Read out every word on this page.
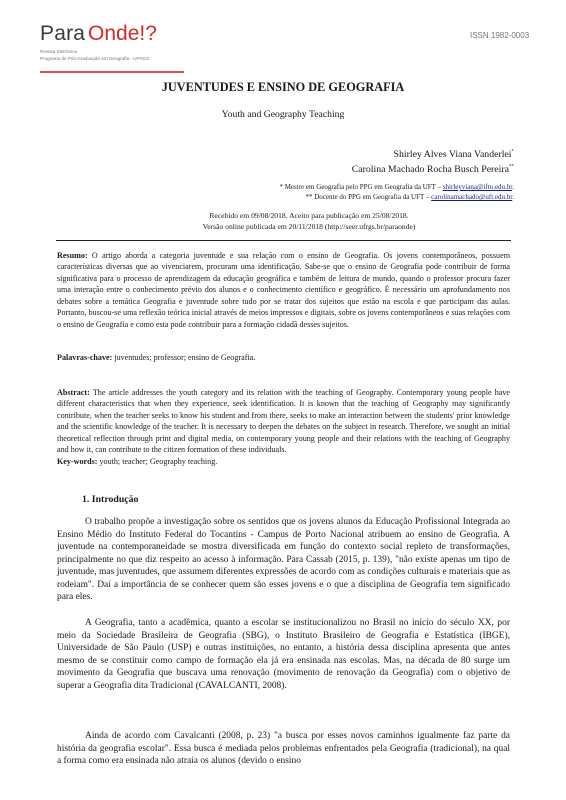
Para Onde!?
Revista Eletrônica
Programa de Pós-Graduação em Geografia - UFRGS
ISSN 1982-0003
JUVENTUDES E ENSINO DE GEOGRAFIA
Youth and Geography Teaching
Shirley Alves Viana Vanderlei*
Carolina Machado Rocha Busch Pereira**
* Mestre em Geografia pelo PPG em Geografia da UFT – shirleyviana@ifto.edu.br.
** Docente do PPG em Geografia da UFT – carolinamachado@uft.edu.br.
Recebido em 09/08/2018. Aceito para publicação em 25/08/2018.
Versão online publicada em 20/11/2018 (http://seer.ufrgs.br/paraonde)
Resumo: O artigo aborda a categoria juventude e sua relação com o ensino de Geografia. Os jovens contemporâneos, possuem características diversas que ao vivenciarem, procuram uma identificação. Sabe-se que o ensino de Geografia pode contribuir de forma significativa para o processo de aprendizagem da educação geográfica e também de leitura de mundo, quando o professor procura fazer uma interação entre o conhecimento prévio dos alunos e o conhecimento científico e geográfico. É necessário um aprofundamento nos debates sobre a temática Geografia e juventude sobre tudo por se tratar dos sujeitos que estão na escola e que participam das aulas. Portanto, buscou-se uma reflexão teórica inicial através de meios impressos e digitais, sobre os jovens contemporâneos e suas relações com o ensino de Geografia e como esta pode contribuir para a formação cidadã desses sujeitos.
Palavras-chave: juventudes; professor; ensino de Geografia.
Abstract: The article addresses the youth category and its relation with the teaching of Geography. Contemporary young people have different characteristics that when they experience, seek identification. It is known that the teaching of Geography may significantly contribute, when the teacher seeks to know his student and from there, seeks to make an interaction between the students' prior knowledge and the scientific knowledge of the teacher. It is necessary to deepen the debates on the subject in research. Therefore, we sought an initial theoretical reflection through print and digital media, on contemporary young people and their relations with the teaching of Geography and how it, can contribute to the citizen formation of these individuals.
Key-words: youth; teacher; Geography teaching.
1. Introdução
O trabalho propõe a investigação sobre os sentidos que os jovens alunos da Educação Profissional Integrada ao Ensino Médio do Instituto Federal do Tocantins - Campus de Porto Nacional atribuem ao ensino de Geografia. A juventude na contemporaneidade se mostra diversificada em função do contexto social repleto de transformações, principalmente no que diz respeito ao acesso à informação. Para Cassab (2015, p. 139), "não existe apenas um tipo de juventude, mas juventudes, que assumem diferentes expressões de acordo com as condições culturais e materiais que as rodeiam". Daí a importância de se conhecer quem são esses jovens e o que a disciplina de Geografia tem significado para eles.
A Geografia, tanto a acadêmica, quanto a escolar se institucionalizou no Brasil no início do século XX, por meio da Sociedade Brasileira de Geografia (SBG), o Instituto Brasileiro de Geografia e Estatística (IBGE), Universidade de São Paulo (USP) e outras instituições, no entanto, a história dessa disciplina apresenta que antes mesmo de se constituir como campo de formação ela já era ensinada nas escolas. Mas, na década de 80 surge um movimento da Geografia que buscava uma renovação (movimento de renovação da Geografia) com o objetivo de superar a Geografia dita Tradicional (CAVALCANTI, 2008).
Ainda de acordo com Cavalcanti (2008, p. 23) "a busca por esses novos caminhos igualmente faz parte da história da geografia escolar". Essa busca é mediada pelos problemas enfrentados pela Geografia (tradicional), na qual a forma como era ensinada não atraía os alunos (devido o ensino
